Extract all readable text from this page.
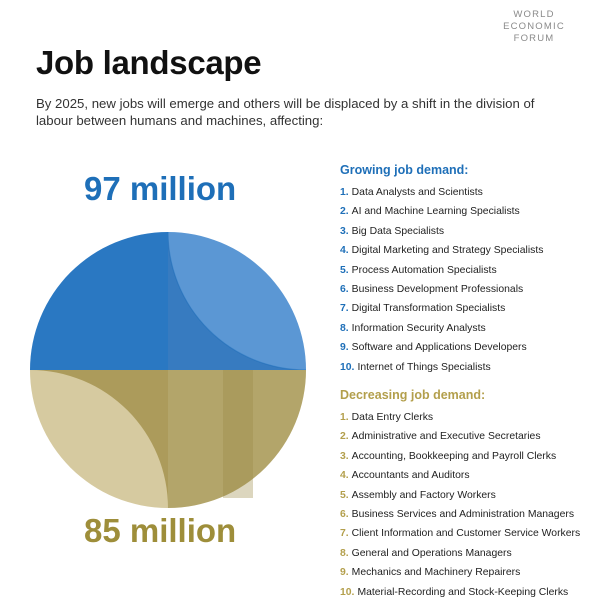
WORLD
ECONOMIC
FORUM
Job landscape

By 2025, new jobs will emerge and others will be displaced by a shift in the division of labour between humans and machines, affecting:

97 million
85 million
Growing job demand:
1. Data Analysts and Scientists
2. AI and Machine Learning Specialists
3. Big Data Specialists
4. Digital Marketing and Strategy Specialists
5. Process Automation Specialists
6. Business Development Professionals
7. Digital Transformation Specialists
8. Information Security Analysts
9. Software and Applications Developers
10. Internet of Things Specialists
Decreasing job demand:
1. Data Entry Clerks
2. Administrative and Executive Secretaries
3. Accounting, Bookkeeping and Payroll Clerks
4. Accountants and Auditors
5. Assembly and Factory Workers
6. Business Services and Administration Managers
7. Client Information and Customer Service Workers
8. General and Operations Managers
9. Mechanics and Machinery Repairers
10. Material-Recording and Stock-Keeping Clerks
